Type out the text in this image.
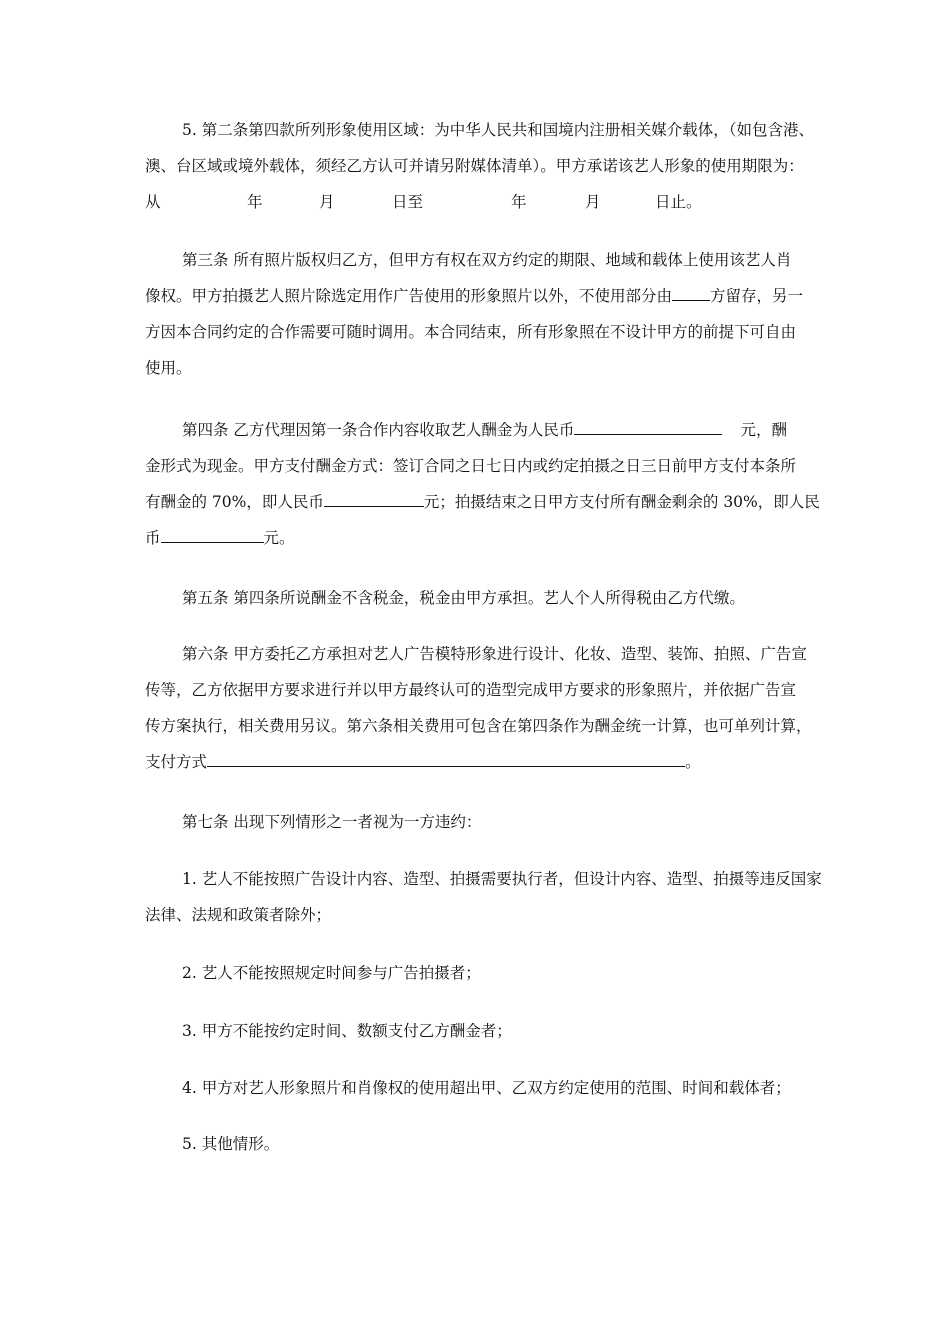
5. 第二条第四款所列形象使用区域：为中华人民共和国境内注册相关媒介载体，（如包含港、
澳、台区域或境外载体，须经乙方认可并请另附媒体清单）。甲方承诺该艺人形象的使用期限为：
从	年	月	日至	年	月	日止。
第三条 所有照片版权归乙方，但甲方有权在双方约定的期限、地域和载体上使用该艺人肖
像权。甲方拍摄艺人照片除选定用作广告使用的形象照片以外，不使用部分由 方留存，另一
方因本合同约定的合作需要可随时调用。本合同结束，所有形象照在不设计甲方的前提下可自由
使用。
第四条 乙方代理因第一条合作内容收取艺人酬金为人民币	元，酬
金形式为现金。甲方支付酬金方式：签订合同之日七日内或约定拍摄之日三日前甲方支付本条所
有酬金的 70%，即人民币	元；拍摄结束之日甲方支付所有酬金剩余的 30%，即人民
币	元。
第五条 第四条所说酬金不含税金，税金由甲方承担。艺人个人所得税由乙方代缴。
第六条 甲方委托乙方承担对艺人广告模特形象进行设计、化妆、造型、装饰、拍照、广告宣
传等，乙方依据甲方要求进行并以甲方最终认可的造型完成甲方要求的形象照片，并依据广告宣
传方案执行，相关费用另议。第六条相关费用可包含在第四条作为酬金统一计算，也可单列计算，
支付方式	。
第七条 出现下列情形之一者视为一方违约：
1. 艺人不能按照广告设计内容、造型、拍摄需要执行者，但设计内容、造型、拍摄等违反国家
法律、法规和政策者除外；
2. 艺人不能按照规定时间参与广告拍摄者；
3. 甲方不能按约定时间、数额支付乙方酬金者；
4. 甲方对艺人形象照片和肖像权的使用超出甲、乙双方约定使用的范围、时间和载体者；
5. 其他情形。
